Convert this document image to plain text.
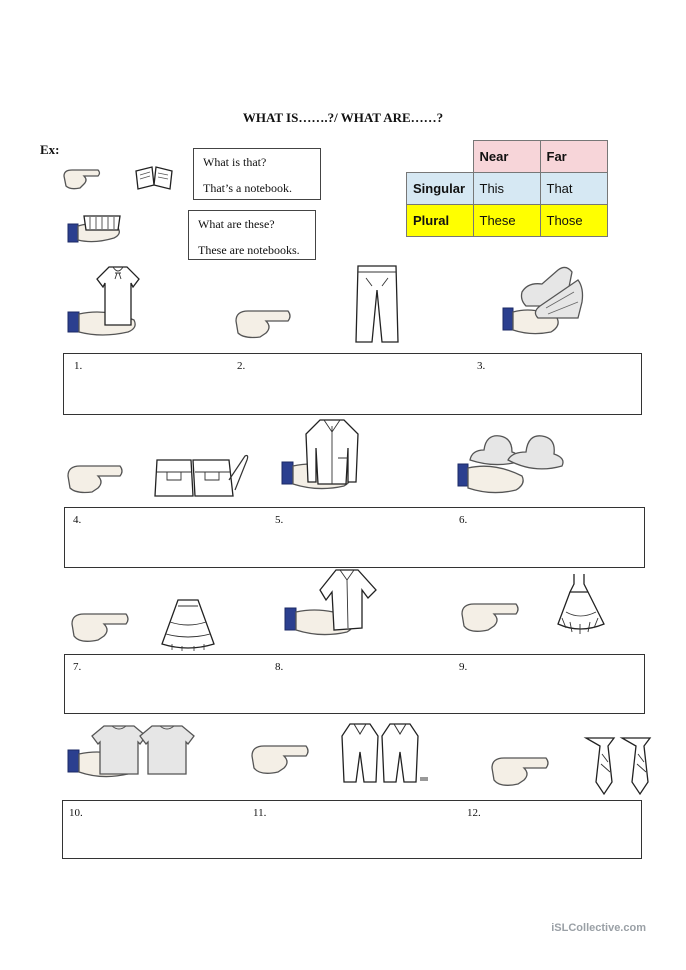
WHAT IS…….?/ WHAT ARE……?
Ex:
What is that?
That’s a notebook.
What are these?
These are notebooks.
	Near	Far
Singular	This	That
Plural	These	Those
1.	2.	3.
4.	5.	6.
7.	8.	9.
10.	11.	12.
iSLCollective.com
